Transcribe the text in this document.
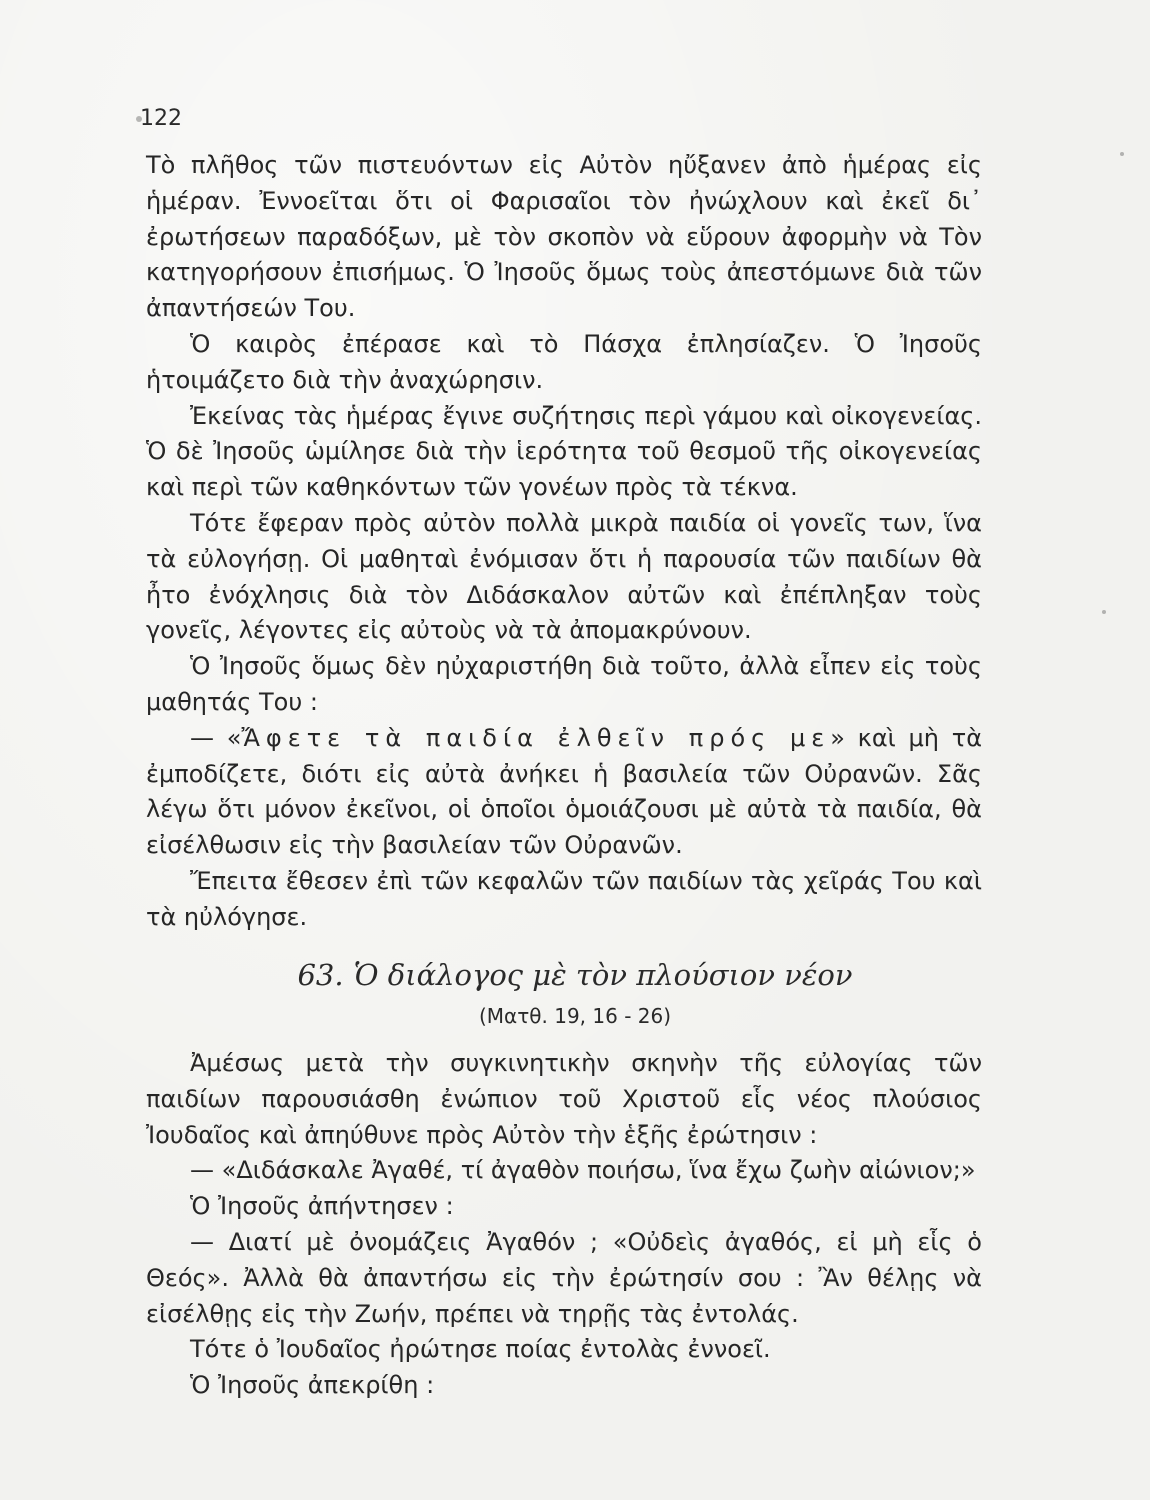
122

Τὸ πλῆθος τῶν πιστευόντων εἰς Αὐτὸν ηὔξανεν ἀπὸ ἡμέρας εἰς ἡμέραν. Ἐννοεῖται ὅτι οἱ Φαρισαῖοι τὸν ἠνώχλουν καὶ ἐκεῖ δι᾿ ἐρωτήσεων παραδόξων, μὲ τὸν σκοπὸν νὰ εὕρουν ἀφορμὴν νὰ Τὸν κατηγορήσουν ἐπισήμως. Ὁ Ἰησοῦς ὅμως τοὺς ἀπεστόμωνε διὰ τῶν ἀπαντήσεών Του.

Ὁ καιρὸς ἐπέρασε καὶ τὸ Πάσχα ἐπλησίαζεν. Ὁ Ἰησοῦς ἡτοιμάζετο διὰ τὴν ἀναχώρησιν.

Ἐκείνας τὰς ἡμέρας ἔγινε συζήτησις περὶ γάμου καὶ οἰκογενείας. Ὁ δὲ Ἰησοῦς ὡμίλησε διὰ τὴν ἱερότητα τοῦ θεσμοῦ τῆς οἰκογενείας καὶ περὶ τῶν καθηκόντων τῶν γονέων πρὸς τὰ τέκνα.

Τότε ἔφεραν πρὸς αὐτὸν πολλὰ μικρὰ παιδία οἱ γονεῖς των, ἵνα τὰ εὐλογήσῃ. Οἱ μαθηταὶ ἐνόμισαν ὅτι ἡ παρουσία τῶν παιδίων θὰ ἦτο ἐνόχλησις διὰ τὸν Διδάσκαλον αὐτῶν καὶ ἐπέπληξαν τοὺς γονεῖς, λέγοντες εἰς αὐτοὺς νὰ τὰ ἀπομακρύνουν.

Ὁ Ἰησοῦς ὅμως δὲν ηὐχαριστήθη διὰ τοῦτο, ἀλλὰ εἶπεν εἰς τοὺς μαθητάς Του :

— «Ἄφετε τὰ παιδία ἐλθεῖν πρός με» καὶ μὴ τὰ ἐμποδίζετε, διότι εἰς αὐτὰ ἀνήκει ἡ βασιλεία τῶν Οὐρανῶν. Σᾶς λέγω ὅτι μόνον ἐκεῖνοι, οἱ ὁποῖοι ὁμοιάζουσι μὲ αὐτὰ τὰ παιδία, θὰ εἰσέλθωσιν εἰς τὴν βασιλείαν τῶν Οὐρανῶν.

Ἔπειτα ἔθεσεν ἐπὶ τῶν κεφαλῶν τῶν παιδίων τὰς χεῖράς Του καὶ τὰ ηὐλόγησε.

63. Ὁ διάλογος μὲ τὸν πλούσιον νέον
(Ματθ. 19, 16 - 26)

Ἀμέσως μετὰ τὴν συγκινητικὴν σκηνὴν τῆς εὐλογίας τῶν παιδίων παρουσιάσθη ἐνώπιον τοῦ Χριστοῦ εἷς νέος πλούσιος Ἰουδαῖος καὶ ἀπηύθυνε πρὸς Αὐτὸν τὴν ἑξῆς ἐρώτησιν :

— «Διδάσκαλε Ἀγαθέ, τί ἀγαθὸν ποιήσω, ἵνα ἔχω ζωὴν αἰώνιον;»

Ὁ Ἰησοῦς ἀπήντησεν :

— Διατί μὲ ὀνομάζεις Ἀγαθόν ; «Οὐδεὶς ἀγαθός, εἰ μὴ εἷς ὁ Θεός». Ἀλλὰ θὰ ἀπαντήσω εἰς τὴν ἐρώτησίν σου : Ἂν θέλῃς νὰ εἰσέλθῃς εἰς τὴν Ζωήν, πρέπει νὰ τηρῇς τὰς ἐντολάς.

Τότε ὁ Ἰουδαῖος ἠρώτησε ποίας ἐντολὰς ἐννοεῖ.

Ὁ Ἰησοῦς ἀπεκρίθη :
